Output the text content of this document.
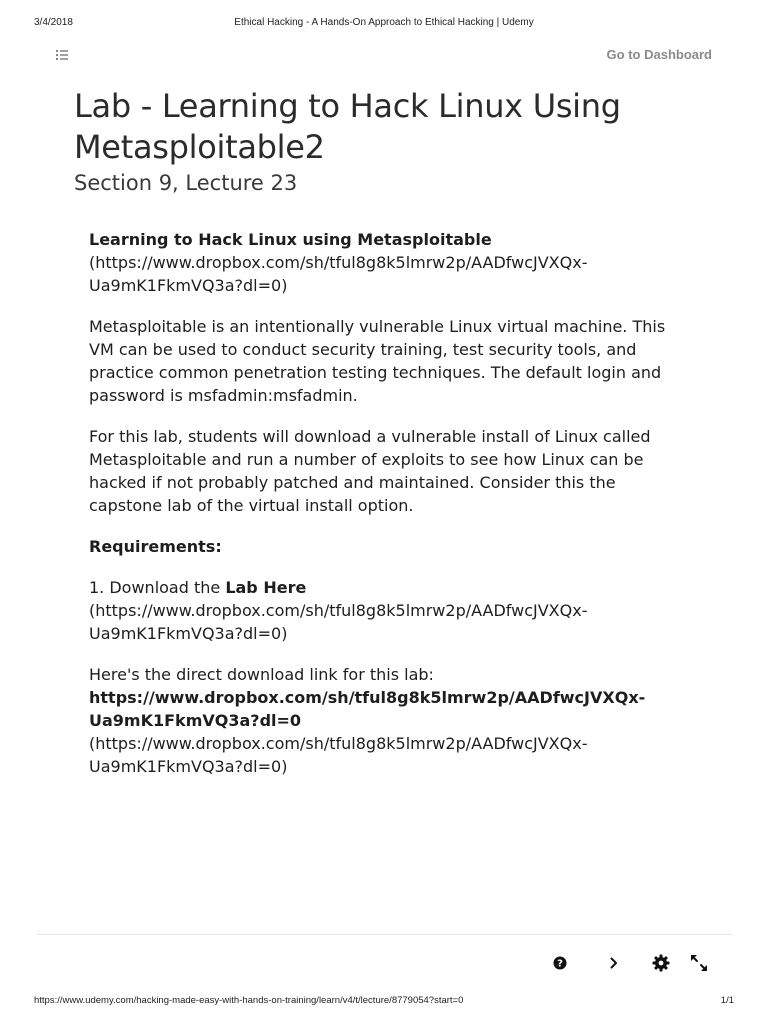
3/4/2018	Ethical Hacking - A Hands-On Approach to Ethical Hacking | Udemy
Go to Dashboard
Lab - Learning to Hack Linux Using Metasploitable2
Section 9, Lecture 23

Learning to Hack Linux using Metasploitable
(https://www.dropbox.com/sh/tful8g8k5lmrw2p/AADfwcJVXQx-
Ua9mK1FkmVQ3a?dl=0)

Metasploitable is an intentionally vulnerable Linux virtual machine. This VM can be used to conduct security training, test security tools, and practice common penetration testing techniques. The default login and password is msfadmin:msfadmin.

For this lab, students will download a vulnerable install of Linux called Metasploitable and run a number of exploits to see how Linux can be hacked if not probably patched and maintained. Consider this the capstone lab of the virtual install option.

Requirements:

1. Download the Lab Here
(https://www.dropbox.com/sh/tful8g8k5lmrw2p/AADfwcJVXQx-
Ua9mK1FkmVQ3a?dl=0)

Here's the direct download link for this lab:
https://www.dropbox.com/sh/tful8g8k5lmrw2p/AADfwcJVXQx-
Ua9mK1FkmVQ3a?dl=0
(https://www.dropbox.com/sh/tful8g8k5lmrw2p/AADfwcJVXQx-
Ua9mK1FkmVQ3a?dl=0)

?
https://www.udemy.com/hacking-made-easy-with-hands-on-training/learn/v4/t/lecture/8779054?start=0	1/1
